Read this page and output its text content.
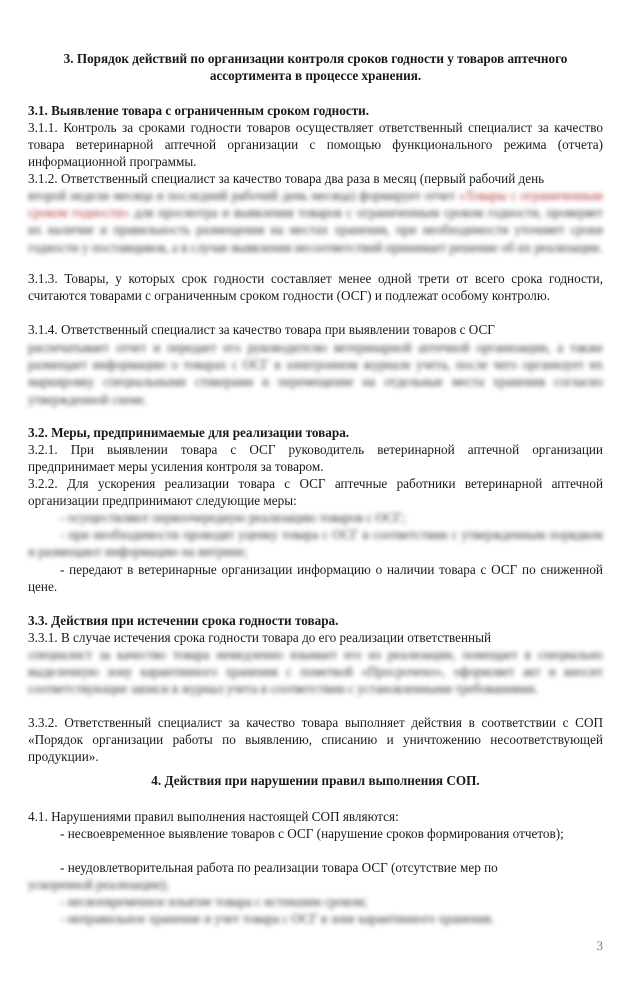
3. Порядок действий по организации контроля сроков годности у товаров аптечного ассортимента в процессе хранения.
3.1. Выявление товара с ограниченным сроком годности.
3.1.1. Контроль за сроками годности товаров осуществляет ответственный специалист за качество товара ветеринарной аптечной организации с помощью функционального режима (отчета) информационной программы.
3.1.2. Ответственный специалист за качество товара два раза в месяц (первый рабочий день
второй недели месяца и последний рабочий день месяца) формирует отчет «Товары с ограниченным сроком годности» для просмотра и выявления товаров с ограниченным сроком годности, проверяет их наличие и правильность размещения на местах хранения, при необходимости уточняет сроки годности у поставщиков, а в случае выявления несоответствий принимает решение об их реализации.
3.1.3. Товары, у которых срок годности составляет менее одной трети от всего срока годности, считаются товарами с ограниченным сроком годности (ОСГ) и подлежат особому контролю.
3.1.4. Ответственный специалист за качество товара при выявлении товаров с ОСГ
распечатывает отчет и передает его руководителю ветеринарной аптечной организации, а также размещает информацию о товарах с ОСГ в электронном журнале учета, после чего организует их маркировку специальными стикерами и перемещение на отдельные места хранения согласно утвержденной схеме.
3.2. Меры, предпринимаемые для реализации товара.
3.2.1. При выявлении товара с ОСГ руководитель ветеринарной аптечной организации предпринимает меры усиления контроля за товаром.
3.2.2. Для ускорения реализации товара с ОСГ аптечные работники ветеринарной аптечной организации предпринимают следующие меры:
- осуществляют первоочередную реализацию товаров с ОСГ;
- при необходимости проводят уценку товара с ОСГ в соответствии с утвержденным порядком и размещают информацию на витрине;
- передают в ветеринарные организации информацию о наличии товара с ОСГ по сниженной цене.
3.3. Действия при истечении срока годности товара.
3.3.1. В случае истечения срока годности товара до его реализации ответственный
специалист за качество товара немедленно изымает его из реализации, помещает в специально выделенную зону карантинного хранения с пометкой «Просрочено», оформляет акт и вносит соответствующие записи в журнал учета в соответствии с установленными требованиями.
3.3.2. Ответственный специалист за качество товара выполняет действия в соответствии с СОП «Порядок организации работы по выявлению, списанию и уничтожению несоответствующей продукции».
4. Действия при нарушении правил выполнения СОП.
4.1. Нарушениями правил выполнения настоящей СОП являются:
- несвоевременное выявление товаров с ОСГ (нарушение сроков формирования отчетов);
- неудовлетворительная работа по реализации товара ОСГ (отсутствие мер по
ускоренной реализации);
- несвоевременное изъятие товара с истекшим сроком;
- неправильное хранение и учет товара с ОСГ в зоне карантинного хранения.
3
